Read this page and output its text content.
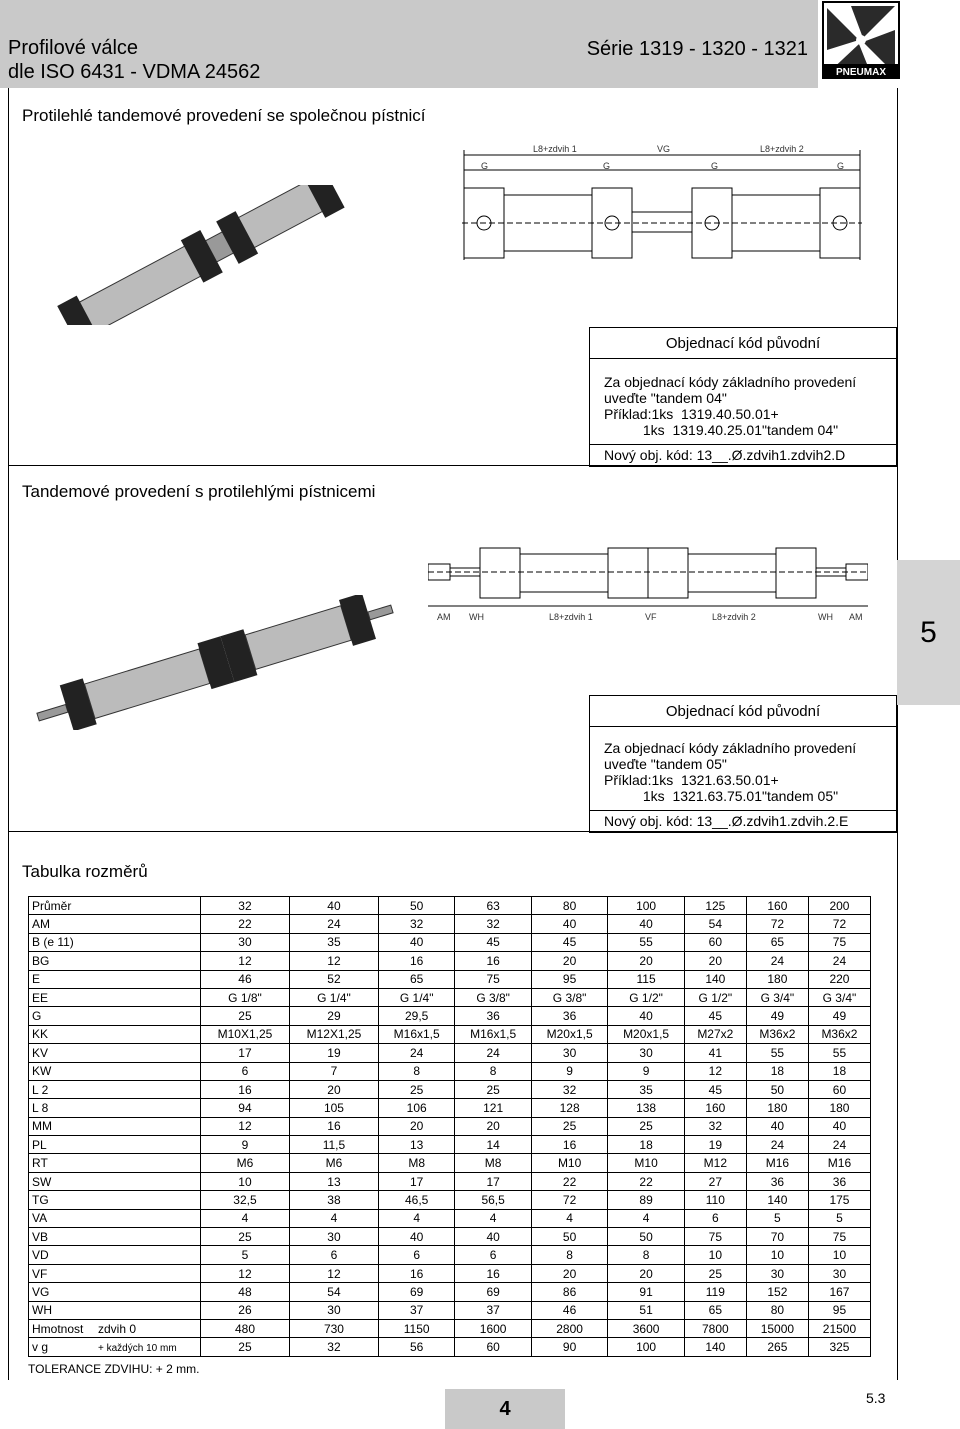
Profilové válce
dle ISO 6431 - VDMA 24562
Série 1319 - 1320 - 1321
PNEUMAX
Protilehlé tandemové provedení se společnou pístnicí
L8+zdvih 1	VG	L8+zdvih 2
G	G	G	G
Objednací kód původní
Za objednací kódy základního provedení
uveďte "tandem 04"
Příklad:1ks  1319.40.50.01+
1ks  1319.40.25.01"tandem 04"
Nový obj. kód: 13__.Ø.zdvih1.zdvih2.D
Tandemové provedení s protilehlými pístnicemi
AM WH	L8+zdvih 1	VF	L8+zdvih 2	WH AM
Objednací kód původní
Za objednací kódy základního provedení
uveďte "tandem 05"
Příklad:1ks  1321.63.50.01+
1ks  1321.63.75.01"tandem 05"
Nový obj. kód: 13__.Ø.zdvih1.zdvih.2.E
5
Tabulka rozměrů
Průměr	32	40	50	63	80	100	125	160	200
AM	22	24	32	32	40	40	54	72	72
B (e 11)	30	35	40	45	45	55	60	65	75
BG	12	12	16	16	20	20	20	24	24
E	46	52	65	75	95	115	140	180	220
EE	G 1/8"	G 1/4"	G 1/4"	G 3/8"	G 3/8"	G 1/2"	G 1/2"	G 3/4"	G 3/4"
G	25	29	29,5	36	36	40	45	49	49
KK	M10X1,25	M12X1,25	M16x1,5	M16x1,5	M20x1,5	M20x1,5	M27x2	M36x2	M36x2
KV	17	19	24	24	30	30	41	55	55
KW	6	7	8	8	9	9	12	18	18
L 2	16	20	25	25	32	35	45	50	60
L 8	94	105	106	121	128	138	160	180	180
MM	12	16	20	20	25	25	32	40	40
PL	9	11,5	13	14	16	18	19	24	24
RT	M6	M6	M8	M8	M10	M10	M12	M16	M16
SW	10	13	17	17	22	22	27	36	36
TG	32,5	38	46,5	56,5	72	89	110	140	175
VA	4	4	4	4	4	4	6	5	5
VB	25	30	40	40	50	50	75	70	75
VD	5	6	6	6	8	8	10	10	10
VF	12	12	16	16	20	20	25	30	30
VG	48	54	69	69	86	91	119	152	167
WH	26	30	37	37	46	51	65	80	95
Hmotnost zdvih 0	480	730	1150	1600	2800	3600	7800	15000	21500
v g + každých 10 mm	25	32	56	60	90	100	140	265	325
TOLERANCE ZDVIHU: + 2 mm.
4	5.3
